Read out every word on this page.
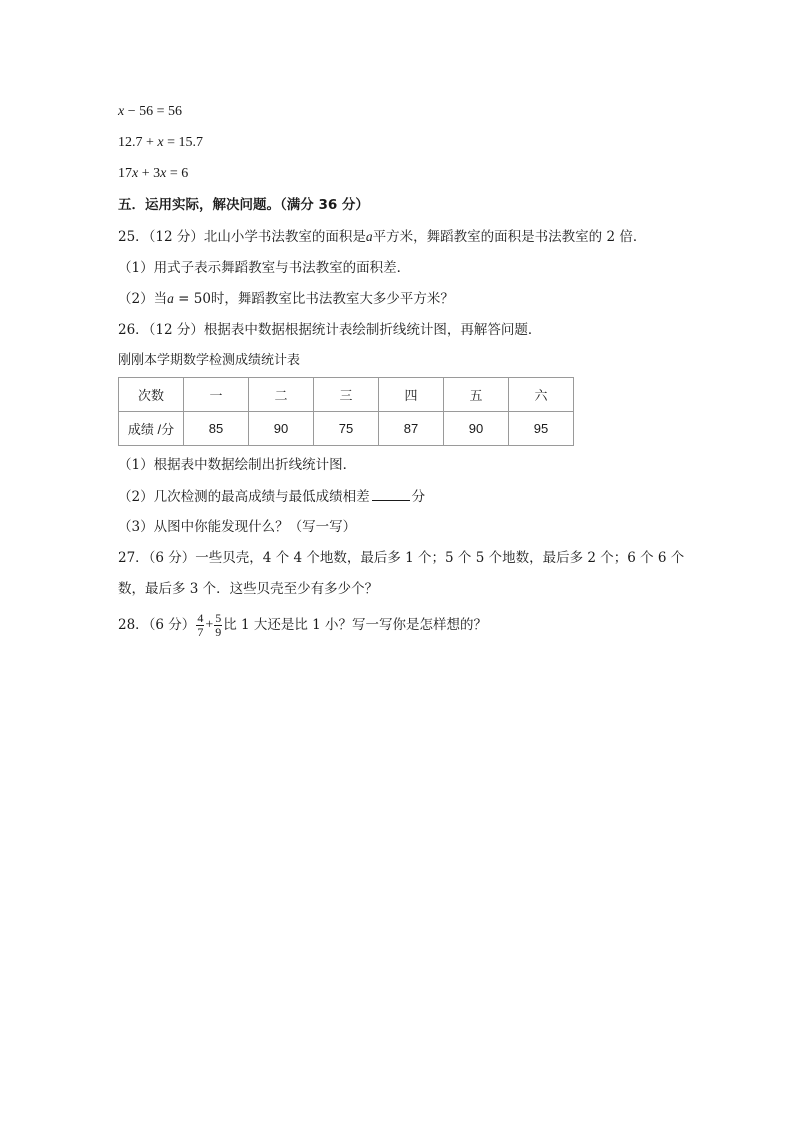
x − 56 = 56
12.7 + x = 15.7
17x + 3x = 6
五．运用实际，解决问题。（满分 36 分）
25．（12 分）北山小学书法教室的面积是a平方米，舞蹈教室的面积是书法教室的 2 倍．
（1）用式子表示舞蹈教室与书法教室的面积差．
（2）当a = 50时，舞蹈教室比书法教室大多少平方米？
26．（12 分）根据表中数据根据统计表绘制折线统计图，再解答问题．
刚刚本学期数学检测成绩统计表
次数	一	二	三	四	五	六
成绩 /分	85	90	75	87	90	95
（1）根据表中数据绘制出折线统计图．
（2）几次检测的最高成绩与最低成绩相差	分
（3）从图中你能发现什么？（写一写）
27．（6 分）一些贝壳，4 个 4 个地数，最后多 1 个；5 个 5 个地数，最后多 2 个；6 个 6 个
数，最后多 3 个．这些贝壳至少有多少个？
28．（6 分） $\frac{4}{7} + \frac{5}{9}$ 比 1 大还是比 1 小？写一写你是怎样想的？
